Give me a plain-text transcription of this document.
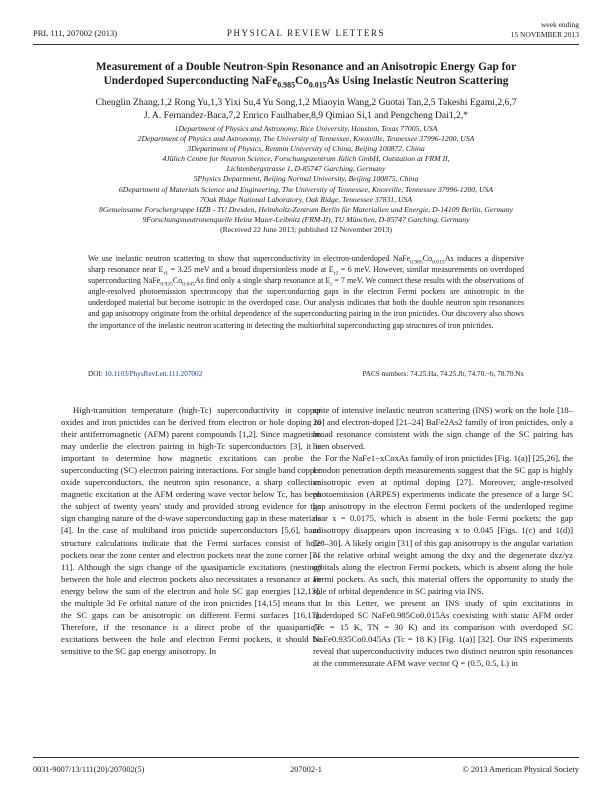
PRL 111, 207002 (2013)	PHYSICAL REVIEW LETTERS
week ending
15 NOVEMBER 2013
Measurement of a Double Neutron-Spin Resonance and an Anisotropic Energy Gap for
Underdoped Superconducting $NaFe_{0.985}Co_{0.015}As$ Using Inelastic Neutron Scattering
Chenglin Zhang,1,2 Rong Yu,1,3 Yixi Su,4 Yu Song,1,2 Miaoyin Wang,2 Guotai Tan,2,5 Takeshi Egami,2,6,7
J. A. Fernandez-Baca,7,2 Enrico Faulhaber,8,9 Qimiao Si,1 and Pengcheng Dai1,2,*
1Department of Physics and Astronomy, Rice University, Houston, Texas 77005, USA
2Department of Physics and Astronomy, The University of Tennessee, Knoxville, Tennessee 37996-1200, USA
3Department of Physics, Renmin University of China, Beijing 100872, China
4Jülich Centre for Neutron Science, Forschungszentrum Jülich GmbH, Outstation at FRM II,
Lichtenbergstrasse 1, D-85747 Garching, Germany
5Physics Department, Beijing Normal University, Beijing 100875, China
6Department of Materials Science and Engineering, The University of Tennessee, Knoxville, Tennessee 37996-1200, USA
7Oak Ridge National Laboratory, Oak Ridge, Tennessee 37831, USA
8Gemeinsame Forschergruppe HZB - TU Dresden, Helmholtz-Zentrum Berlin für Materialien und Energie, D-14109 Berlin, Germany
9Forschungsneutronenquelle Heinz Maier-Leibnitz (FRM-II), TU München, D-85747 Garching, Germany
(Received 22 June 2013; published 12 November 2013)
We use inelastic neutron scattering to show that superconductivity in electron-underdoped $NaFe_{0.985}Co_{0.015}As$ induces a dispersive sharp resonance near $E_{r1} = 3.25$ meV and a broad dispersionless mode at $E_{r2} = 6$ meV. However, similar measurements on overdoped superconducting $NaFe_{0.935}Co_{0.045}As$ find only a single sharp resonance at $E_r = 7$ meV. We connect these results with the observations of angle-resolved photoemission spectroscopy that the superconducting gaps in the electron Fermi pockets are anisotropic in the underdoped material but become isotropic in the overdoped case. Our analysis indicates that both the double neutron spin resonances and gap anisotropy originate from the orbital dependence of the superconducting pairing in the iron pnictides. Our discovery also shows the importance of the inelastic neutron scattering in detecting the multiorbital superconducting gap structures of iron pnictides.
DOI: 10.1103/PhysRevLett.111.207002	PACS numbers: 74.25.Ha, 74.25.Jb, 74.70.−b, 78.70.Nx

High-transition temperature (high-Tc) superconductivity in copper oxides and iron pnictides can be derived from electron or hole doping to their antiferromagnetic (AFM) parent compounds [1,2]. Since magnetism may underlie the electron pairing in high-Tc superconductors [3], it is important to determine how magnetic excitations can probe the superconducting (SC) electron pairing interactions. For single band copper oxide superconductors, the neutron spin resonance, a sharp collective magnetic excitation at the AFM ordering wave vector below Tc, has been the subject of twenty years' study and provided strong evidence for the sign changing nature of the d-wave superconducting gap in these materials [4]. In the case of multiband iron pnictide superconductors [5,6], band structure calculations indicate that the Fermi surfaces consist of hole pockets near the zone center and electron pockets near the zone corner [7–11]. Although the sign change of the quasiparticle excitations (nesting) between the hole and electron pockets also necessitates a resonance at an energy below the sum of the electron and hole SC gap energies [12,13], the multiple 3d Fe orbital nature of the iron pnictides [14,15] means that the SC gaps can be anisotropic on different Fermi surfaces [16,17]. Therefore, if the resonance is a direct probe of the quasiparticle excitations between the hole and electron Fermi pockets, it should be sensitive to the SC gap energy anisotropy. In

spite of intensive inelastic neutron scattering (INS) work on the hole [18–20] and electron-doped [21–24] BaFe2As2 family of iron pnictides, only a broad resonance consistent with the sign change of the SC pairing has been observed.

For the NaFe1−xCoxAs family of iron pnictides [Fig. 1(a)] [25,26], the London penetration depth measurements suggest that the SC gap is highly anisotropic even at optimal doping [27]. Moreover, angle-resolved photoemission (ARPES) experiments indicate the presence of a large SC gap anisotropy in the electron Fermi pockets of the underdoped regime near x = 0.0175, which is absent in the hole Fermi pockets; the gap anisotropy disappears upon increasing x to 0.045 [Figs. 1(c) and 1(d)] [28–30]. A likely origin [31] of this gap anisotropy is the angular variation of the relative orbital weight among the dxy and the degenerate dxz/yz orbitals along the electron Fermi pockets, which is absent along the hole Fermi pockets. As such, this material offers the opportunity to study the role of orbital dependence in SC pairing via INS.

In this Letter, we present an INS study of spin excitations in underdoped SC NaFe0.985Co0.015As coexisting with static AFM order (Tc = 15 K, TN = 30 K) and its comparison with overdoped SC NaFe0.935Co0.045As (Tc = 18 K) [Fig. 1(a)] [32]. Our INS experiments reveal that superconductivity induces two distinct neutron spin resonances at the commensurate AFM wave vector Q = (0.5, 0.5, L) in

0031-9007/13/111(20)/207002(5)	207002-1	© 2013 American Physical Society
